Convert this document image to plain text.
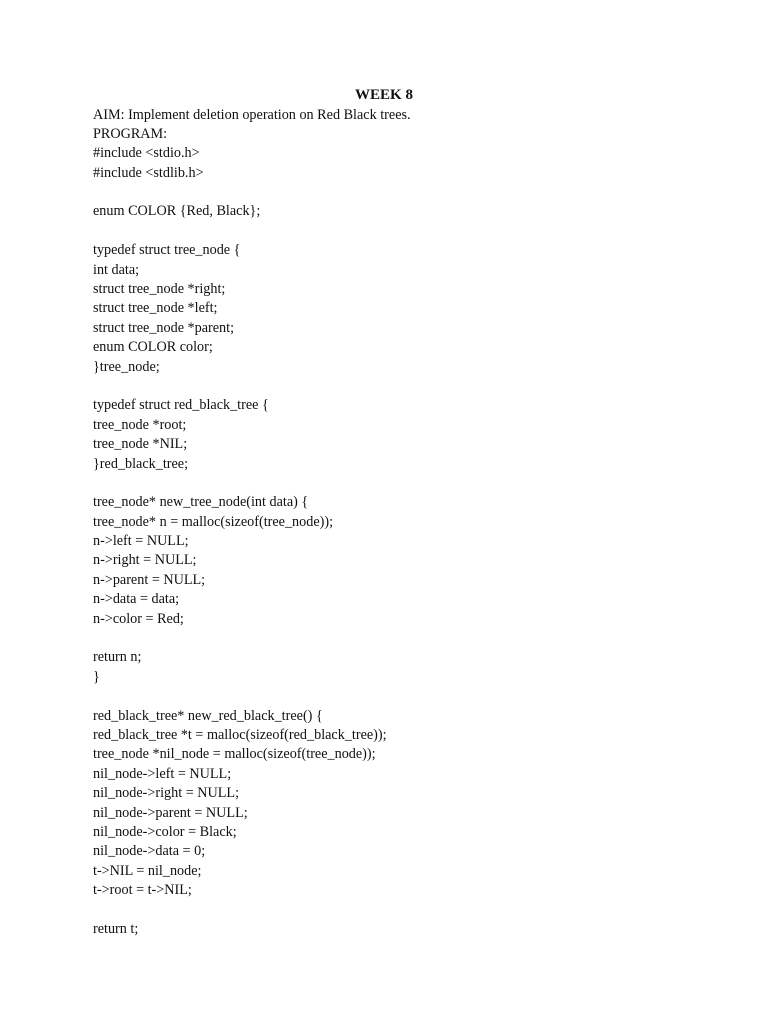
WEEK 8
AIM: Implement deletion operation on Red Black trees.
PROGRAM:
#include <stdio.h>
#include <stdlib.h>
enum COLOR {Red, Black};
typedef struct tree_node {
int data;
struct tree_node *right;
struct tree_node *left;
struct tree_node *parent;
enum COLOR color;
}tree_node;
typedef struct red_black_tree {
tree_node *root;
tree_node *NIL;
}red_black_tree;
tree_node* new_tree_node(int data) {
tree_node* n = malloc(sizeof(tree_node));
n->left = NULL;
n->right = NULL;
n->parent = NULL;
n->data = data;
n->color = Red;
return n;
}
red_black_tree* new_red_black_tree() {
red_black_tree *t = malloc(sizeof(red_black_tree));
tree_node *nil_node = malloc(sizeof(tree_node));
nil_node->left = NULL;
nil_node->right = NULL;
nil_node->parent = NULL;
nil_node->color = Black;
nil_node->data = 0;
t->NIL = nil_node;
t->root = t->NIL;
return t;
